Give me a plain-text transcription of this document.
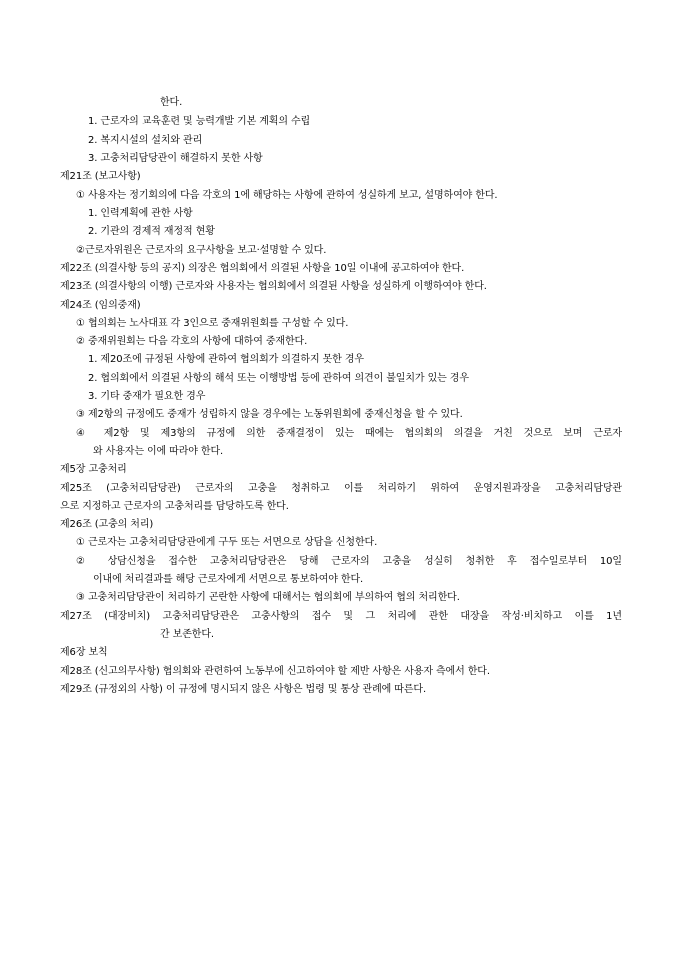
한다.
1. 근로자의 교육훈련 및 능력개발 기본 계획의 수립
2. 복지시설의 설치와 관리
3. 고충처리담당관이 해결하지 못한 사항
제21조 (보고사항)
① 사용자는 정기회의에 다음 각호의 1에 해당하는 사항에 관하여 성실하게 보고, 설명하여야 한다.
1. 인력계획에 관한 사항
2. 기관의 경제적 재정적 현황
②근로자위원은 근로자의 요구사항을 보고·설명할 수 있다.
제22조 (의결사항 등의 공지) 의장은 협의회에서 의결된 사항을 10일 이내에 공고하여야 한다.
제23조 (의결사항의 이행) 근로자와 사용자는 협의회에서 의결된 사항을 성실하게 이행하여야 한다.
제24조 (임의중재)
① 협의회는 노사대표 각 3인으로 중재위원회를 구성할 수 있다.
② 중재위원회는 다음 각호의 사항에 대하여 중재한다.
1. 제20조에 규정된 사항에 관하여 협의회가 의결하지 못한 경우
2. 협의회에서 의결된 사항의 해석 또는 이행방법 등에 관하여 의견이 불일치가 있는 경우
3. 기타 중재가 필요한 경우
③ 제2항의 규정에도 중재가 성립하지 않을 경우에는 노동위원회에 중재신청을 할 수 있다.
④ 제2항 및 제3항의 규정에 의한 중재결정이 있는 때에는 협의회의 의결을 거친 것으로 보며 근로자
와 사용자는 이에 따라야 한다.
제5장 고충처리
제25조 (고충처리담당관) 근로자의 고충을 청취하고 이를 처리하기 위하여 운영지원과장을 고충처리담당관
으로 지정하고 근로자의 고충처리를 담당하도록 한다.
제26조 (고충의 처리)
① 근로자는 고충처리담당관에게 구두 또는 서면으로 상담을 신청한다.
② 상담신청을 접수한 고충처리담당관은 당해 근로자의 고충을 성실히 청취한 후 접수일로부터 10일
이내에 처리결과를 해당 근로자에게 서면으로 통보하여야 한다.
③ 고충처리담당관이 처리하기 곤란한 사항에 대해서는 협의회에 부의하여 협의 처리한다.
제27조 (대장비치) 고충처리담당관은 고충사항의 접수 및 그 처리에 관한 대장을 작성·비치하고 이를 1년
간 보존한다.
제6장 보칙
제28조 (신고의무사항) 협의회와 관련하여 노동부에 신고하여야 할 제반 사항은 사용자 측에서 한다.
제29조 (규정외의 사항) 이 규정에 명시되지 않은 사항은 법령 및 통상 관례에 따른다.
